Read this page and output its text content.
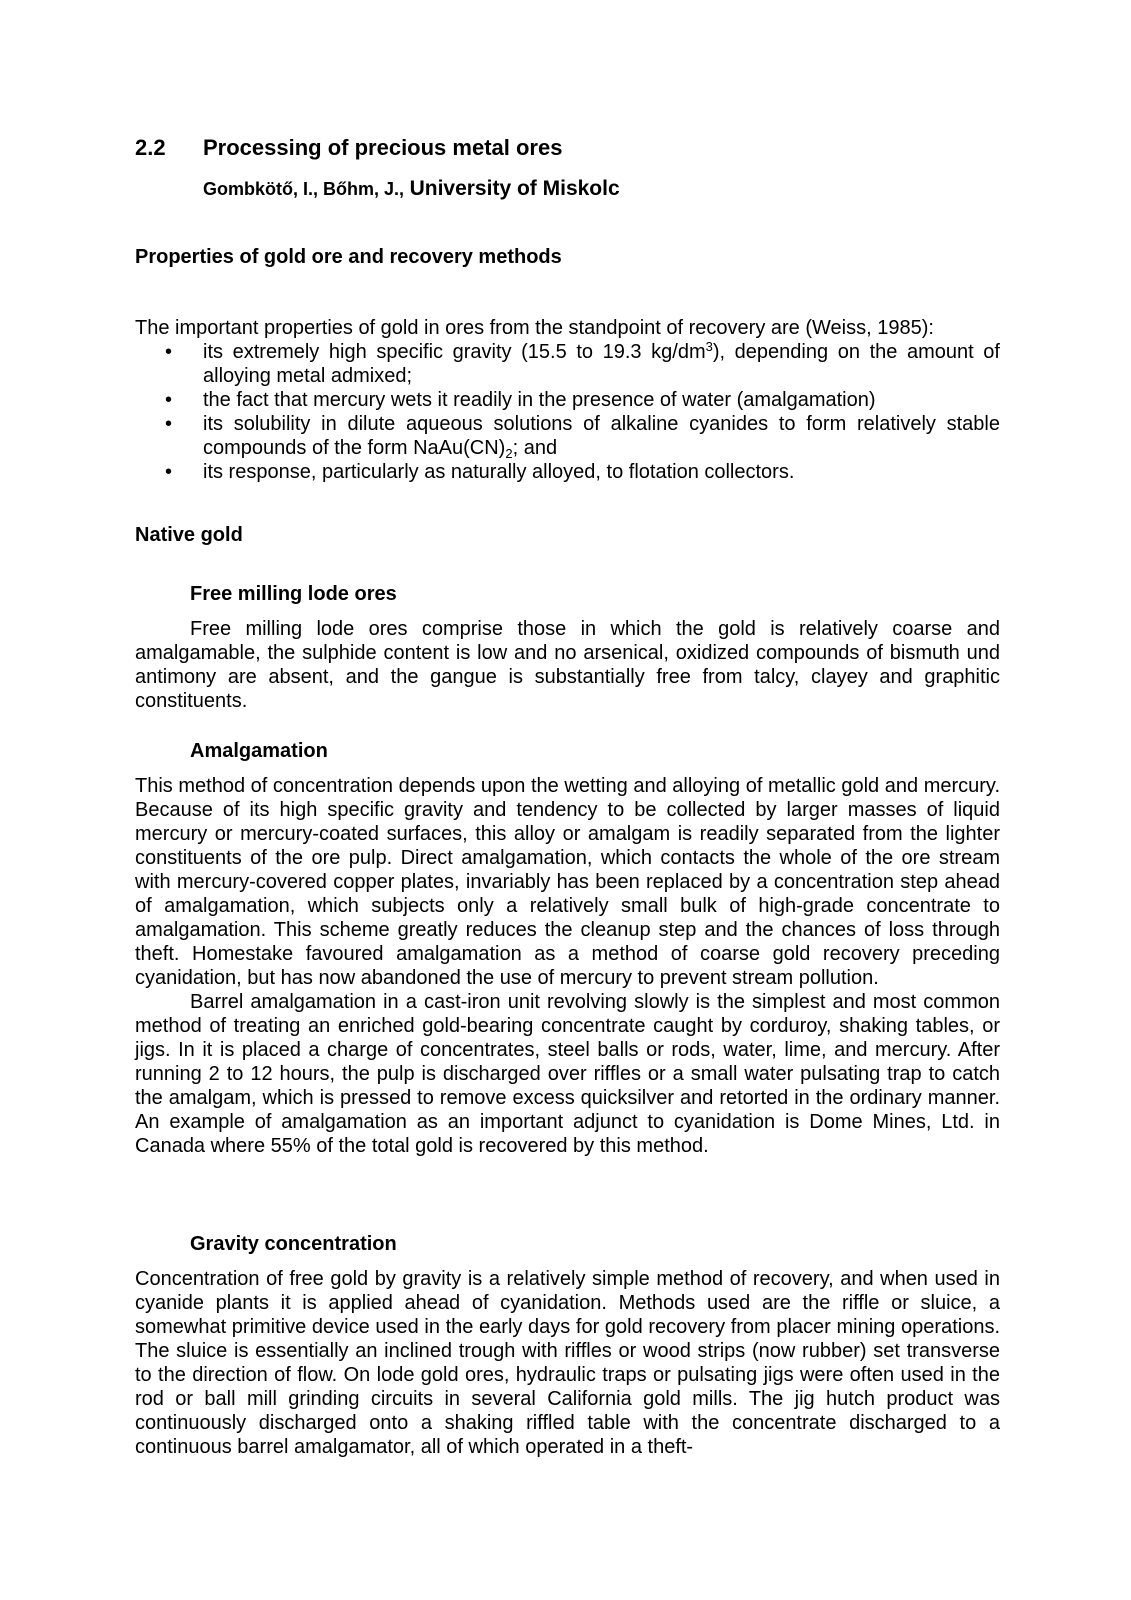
2.2 Processing of precious metal ores
Gombkötő, I., Bőhm, J., University of Miskolc
Properties of gold ore and recovery methods

The important properties of gold in ores from the standpoint of recovery are (Weiss, 1985):

• its extremely high specific gravity (15.5 to 19.3 $kg/dm^3$), depending on the amount of alloying metal admixed;
• the fact that mercury wets it readily in the presence of water (amalgamation)
• its solubility in dilute aqueous solutions of alkaline cyanides to form relatively stable compounds of the form $NaAu(CN)_2$; and
• its response, particularly as naturally alloyed, to flotation collectors.
Native gold
Free milling lode ores

Free milling lode ores comprise those in which the gold is relatively coarse and amalgamable, the sulphide content is low and no arsenical, oxidized compounds of bismuth und antimony are absent, and the gangue is substantially free from talcy, clayey and graphitic constituents.

Amalgamation

This method of concentration depends upon the wetting and alloying of metallic gold and mercury. Because of its high specific gravity and tendency to be collected by larger masses of liquid mercury or mercury-coated surfaces, this alloy or amalgam is readily separated from the lighter constituents of the ore pulp. Direct amalgamation, which contacts the whole of the ore stream with mercury-covered copper plates, invariably has been replaced by a concentration step ahead of amalgamation, which subjects only a relatively small bulk of high-grade concentrate to amalgamation. This scheme greatly reduces the cleanup step and the chances of loss through theft. Homestake favoured amalgamation as a method of coarse gold recovery preceding cyanidation, but has now abandoned the use of mercury to prevent stream pollution.

Barrel amalgamation in a cast-iron unit revolving slowly is the simplest and most common method of treating an enriched gold-bearing concentrate caught by corduroy, shaking tables, or jigs. In it is placed a charge of concentrates, steel balls or rods, water, lime, and mercury. After running 2 to 12 hours, the pulp is discharged over riffles or a small water pulsating trap to catch the amalgam, which is pressed to remove excess quicksilver and retorted in the ordinary manner. An example of amalgamation as an important adjunct to cyanidation is Dome Mines, Ltd. in Canada where 55% of the total gold is recovered by this method.

Gravity concentration

Concentration of free gold by gravity is a relatively simple method of recovery, and when used in cyanide plants it is applied ahead of cyanidation. Methods used are the riffle or sluice, a somewhat primitive device used in the early days for gold recovery from placer mining operations. The sluice is essentially an inclined trough with riffles or wood strips (now rubber) set transverse to the direction of flow. On lode gold ores, hydraulic traps or pulsating jigs were often used in the rod or ball mill grinding circuits in several California gold mills. The jig hutch product was continuously discharged onto a shaking riffled table with the concentrate discharged to a continuous barrel amalgamator, all of which operated in a theft-
